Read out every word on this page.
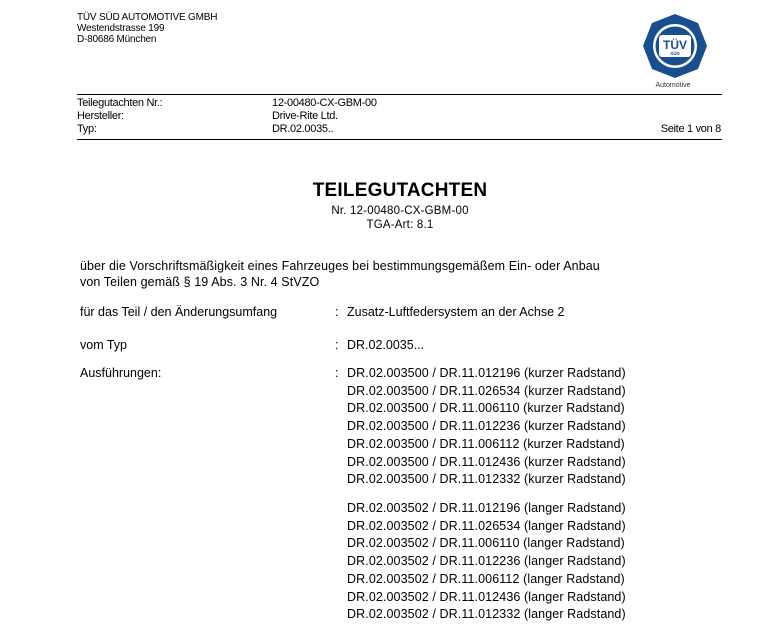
TÜV SÜD AUTOMOTIVE GMBH
Westendstrasse 199
D-80686 München	TÜV
SÜD
Automotive
Teilegutachten Nr.:	12-00480-CX-GBM-00
Hersteller:	Drive-Rite Ltd.
Typ:	DR.02.0035..	Seite 1 von 8
TEILEGUTACHTEN
Nr. 12-00480-CX-GBM-00
TGA-Art: 8.1
über die Vorschriftsmäßigkeit eines Fahrzeuges bei bestimmungsgemäßem Ein- oder Anbau
von Teilen gemäß § 19 Abs. 3 Nr. 4 StVZO
für das Teil / den Änderungsumfang	: Zusatz-Luftfedersystem an der Achse 2
vom Typ	: DR.02.0035...
Ausführungen:	: DR.02.003500 / DR.11.012196 (kurzer Radstand)
DR.02.003500 / DR.11.026534 (kurzer Radstand)
DR.02.003500 / DR.11.006110 (kurzer Radstand)
DR.02.003500 / DR.11.012236 (kurzer Radstand)
DR.02.003500 / DR.11.006112 (kurzer Radstand)
DR.02.003500 / DR.11.012436 (kurzer Radstand)
DR.02.003500 / DR.11.012332 (kurzer Radstand)
DR.02.003502 / DR.11.012196 (langer Radstand)
DR.02.003502 / DR.11.026534 (langer Radstand)
DR.02.003502 / DR.11.006110 (langer Radstand)
DR.02.003502 / DR.11.012236 (langer Radstand)
DR.02.003502 / DR.11.006112 (langer Radstand)
DR.02.003502 / DR.11.012436 (langer Radstand)
DR.02.003502 / DR.11.012332 (langer Radstand)
